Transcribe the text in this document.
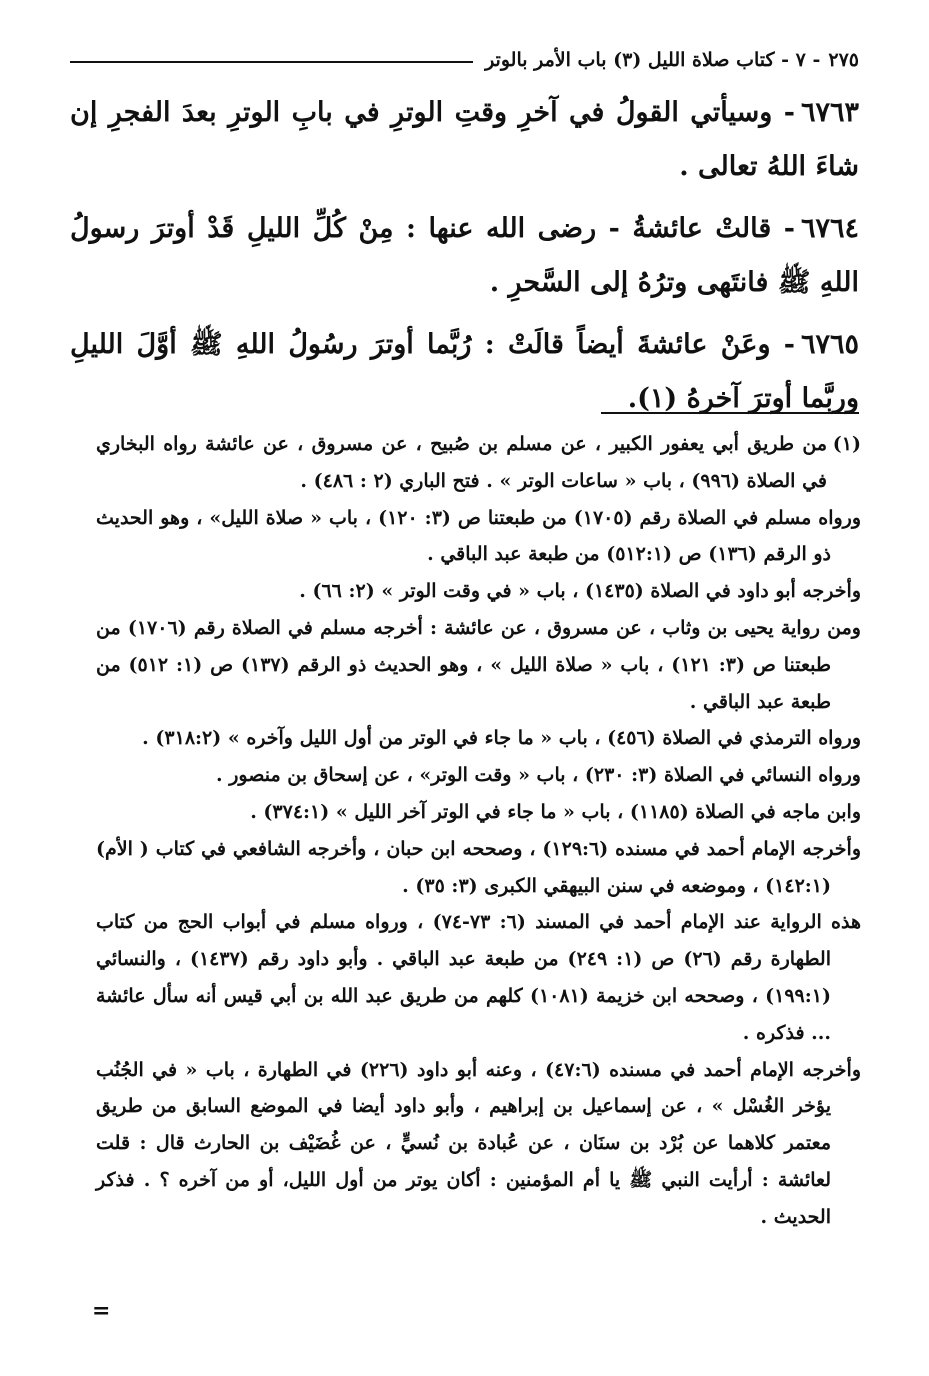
٢٧٥
- ٧ - كتاب صلاة الليل (٣) باب الأمر بالوتر

٦٧٦٣- وسيأتي القولُ في آخرِ وقتِ الوترِ في بابِ الوترِ بعدَ الفجرِ إن شاءَ اللهُ تعالى .

٦٧٦٤- قالتْ عائشةُ - رضى الله عنها : مِنْ كُلِّ الليلِ قَدْ أوترَ رسولُ اللهِ ﷺ فانتَهى وترُهُ إلى السَّحرِ .

٦٧٦٥- وعَنْ عائشةَ أيضاً قالَتْ : رُبَّما أوترَ رسُولُ اللهِ ﷺ أوَّلَ الليلِ وربَّما أوترَ آخرهُ (١).

(١)من طريق أبي يعفور الكبير ، عن مسلم بن صُبيح ، عن مسروق ، عن عائشة رواه البخاري في الصلاة (٩٩٦) ، باب « ساعات الوتر » . فتح الباري (٢ : ٤٨٦) .

ورواه مسلم في الصلاة رقم (١٧٠٥) من طبعتنا ص (٣: ١٢٠) ، باب « صلاة الليل» ، وهو الحديث ذو الرقم (١٣٦) ص (٥١٢:١) من طبعة عبد الباقي .

وأخرجه أبو داود في الصلاة (١٤٣٥) ، باب « في وقت الوتر » (٢: ٦٦) .

ومن رواية يحيى بن وثاب ، عن مسروق ، عن عائشة : أخرجه مسلم في الصلاة رقم (١٧٠٦) من طبعتنا ص (٣: ١٢١) ، باب « صلاة الليل » ، وهو الحديث ذو الرقم (١٣٧) ص (١: ٥١٢) من طبعة عبد الباقي .

ورواه الترمذي في الصلاة (٤٥٦) ، باب « ما جاء في الوتر من أول الليل وآخره » (٣١٨:٢) .

ورواه النسائي في الصلاة (٣: ٢٣٠) ، باب « وقت الوتر» ، عن إسحاق بن منصور .

وابن ماجه في الصلاة (١١٨٥) ، باب « ما جاء في الوتر آخر الليل » (٣٧٤:١) .

وأخرجه الإمام أحمد في مسنده (١٢٩:٦) ، وصححه ابن حبان ، وأخرجه الشافعي في كتاب ( الأم) (١٤٢:١) ، وموضعه في سنن البيهقي الكبرى (٣: ٣٥) .

هذه الرواية عند الإمام أحمد في المسند (٦: ٧٣-٧٤) ، ورواه مسلم في أبواب الحج من كتاب الطهارة رقم (٢٦) ص (١: ٢٤٩) من طبعة عبد الباقي . وأبو داود رقم (١٤٣٧) ، والنسائي (١٩٩:١) ، وصححه ابن خزيمة (١٠٨١) كلهم من طريق عبد الله بن أبي قيس أنه سأل عائشة ... فذكره .

وأخرجه الإمام أحمد في مسنده (٤٧:٦) ، وعنه أبو داود (٢٢٦) في الطهارة ، باب « في الجُنُب يؤخر الغُسْل » ، عن إسماعيل بن إبراهيم ، وأبو داود أيضا في الموضع السابق من طريق معتمر كلاهما عن بُرْد بن سنَان ، عن عُبادة بن نُسيٍّ ، عن غُضَيْف بن الحارث قال : قلت لعائشة : أرأيت النبي ﷺ يا أم المؤمنين : أكان يوتر من أول الليل، أو من آخره ؟ . فذكر الحديث .

=
